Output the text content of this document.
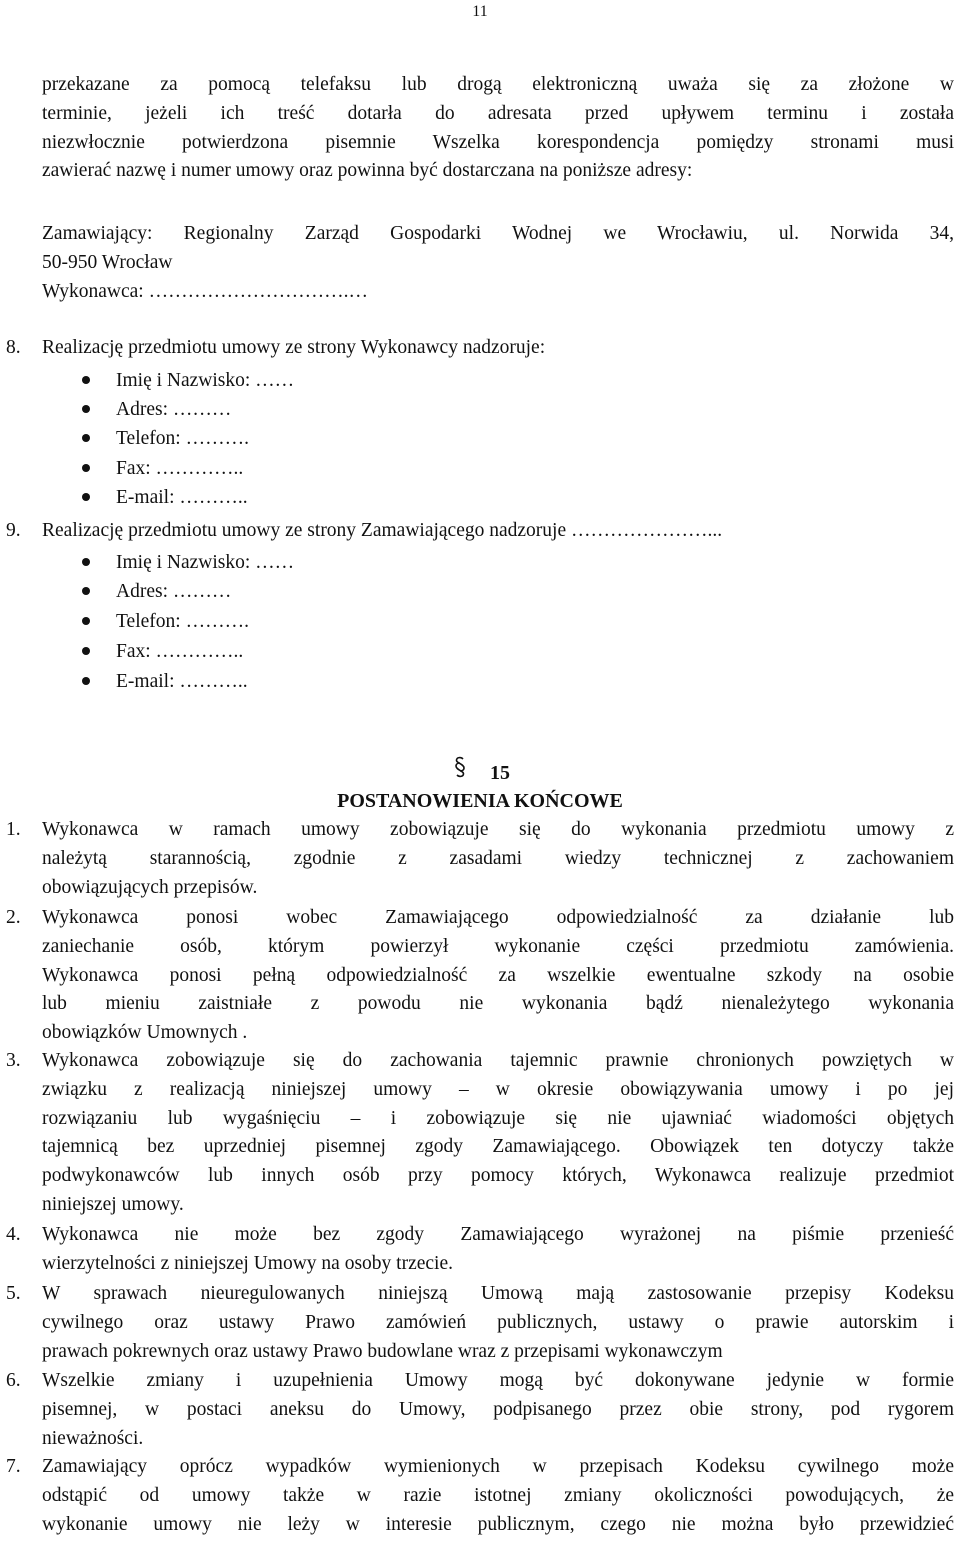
11
przekazane za pomocą telefaksu lub drogą elektroniczną uważa się za złożone w
terminie, jeżeli ich treść dotarła do adresata przed upływem terminu i została
niezwłocznie potwierdzona pisemnie Wszelka korespondencja pomiędzy stronami musi
zawierać nazwę i numer umowy oraz powinna być dostarczana na poniższe adresy:
Zamawiający: Regionalny Zarząd Gospodarki Wodnej we Wrocławiu, ul. Norwida 34,
50-950 Wrocław
Wykonawca: ………………………….…
8. Realizację przedmiotu umowy ze strony Wykonawcy nadzoruje:
Imię i Nazwisko: ……
Adres: ………
Telefon: ……….
Fax: …………..
E-mail: ………..
9. Realizację przedmiotu umowy ze strony Zamawiającego nadzoruje …………………...
Imię i Nazwisko: ……
Adres: ………
Telefon: ……….
Fax: …………..
E-mail: ………..
15
POSTANOWIENIA KOŃCOWE
1. Wykonawca w ramach umowy zobowiązuje się do wykonania przedmiotu umowy z
należytą starannością, zgodnie z zasadami wiedzy technicznej z zachowaniem
obowiązujących przepisów.
2. Wykonawca ponosi wobec Zamawiającego odpowiedzialność za działanie lub
zaniechanie osób, którym powierzył wykonanie części przedmiotu zamówienia.
Wykonawca ponosi pełną odpowiedzialność za wszelkie ewentualne szkody na osobie
lub mieniu zaistniałe z powodu nie wykonania bądź nienależytego wykonania
obowiązków Umownych .
3. Wykonawca zobowiązuje się do zachowania tajemnic prawnie chronionych powziętych w
związku z realizacją niniejszej umowy – w okresie obowiązywania umowy i po jej
rozwiązaniu lub wygaśnięciu – i zobowiązuje się nie ujawniać wiadomości objętych
tajemnicą bez uprzedniej pisemnej zgody Zamawiającego. Obowiązek ten dotyczy także
podwykonawców lub innych osób przy pomocy których, Wykonawca realizuje przedmiot
niniejszej umowy.
4. Wykonawca nie może bez zgody Zamawiającego wyrażonej na piśmie przenieść
wierzytelności z niniejszej Umowy na osoby trzecie.
5. W sprawach nieuregulowanych niniejszą Umową mają zastosowanie przepisy Kodeksu
cywilnego oraz ustawy Prawo zamówień publicznych, ustawy o prawie autorskim i
prawach pokrewnych oraz ustawy Prawo budowlane wraz z przepisami wykonawczym
6. Wszelkie zmiany i uzupełnienia Umowy mogą być dokonywane jedynie w formie
pisemnej, w postaci aneksu do Umowy, podpisanego przez obie strony, pod rygorem
nieważności.
7. Zamawiający oprócz wypadków wymienionych w przepisach Kodeksu cywilnego może
odstąpić od umowy także w razie istotnej zmiany okoliczności powodujących, że
wykonanie umowy nie leży w interesie publicznym, czego nie można było przewidzieć
